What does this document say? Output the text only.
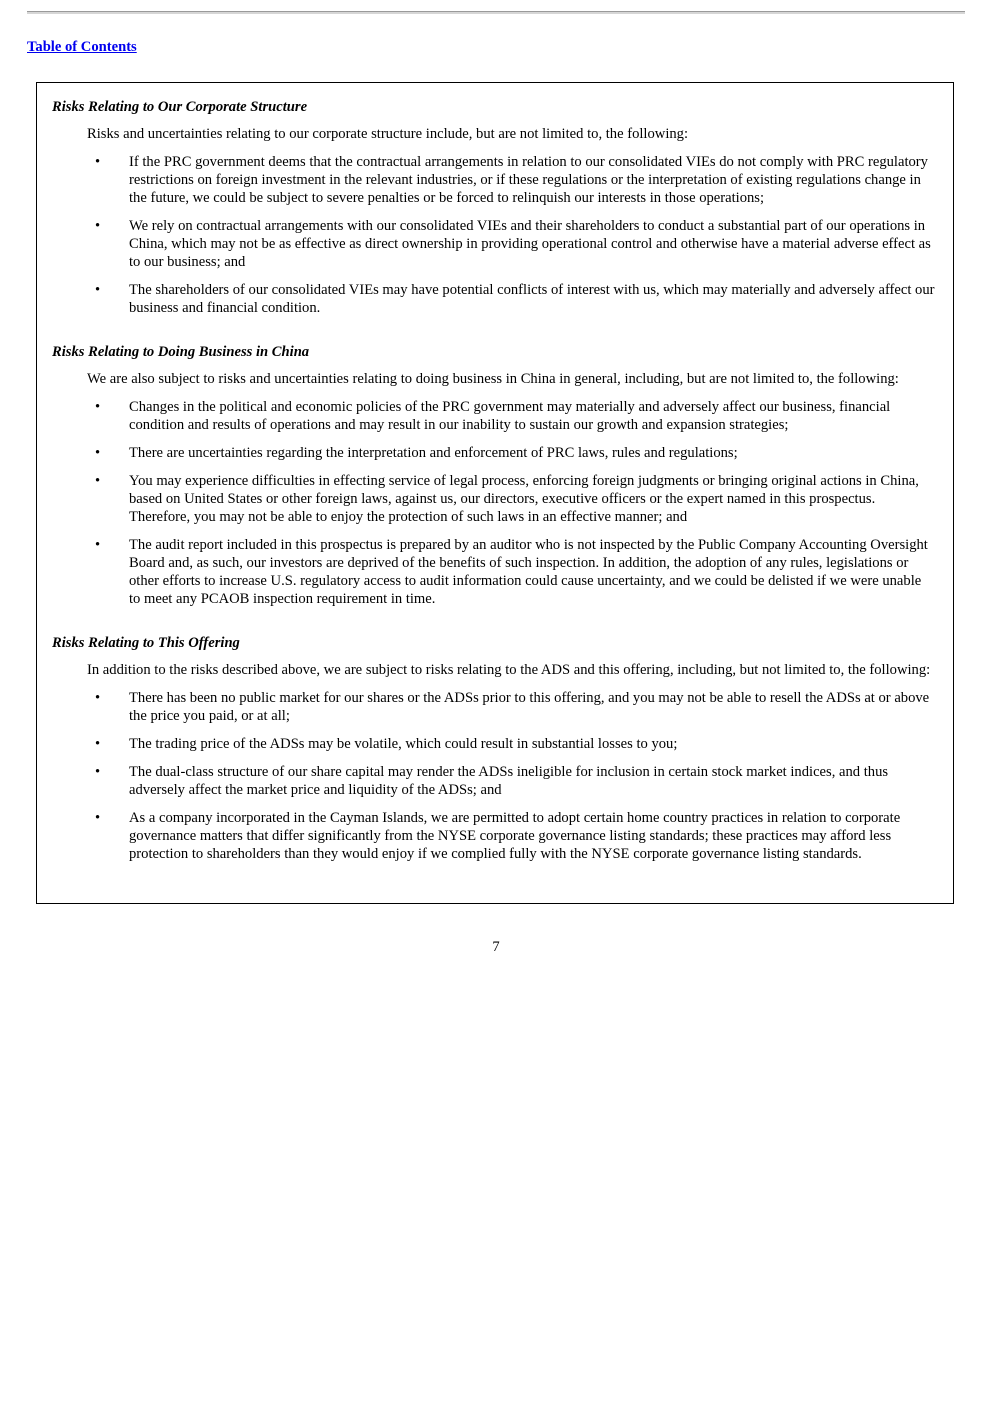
Table of Contents
Risks Relating to Our Corporate Structure
Risks and uncertainties relating to our corporate structure include, but are not limited to, the following:
• If the PRC government deems that the contractual arrangements in relation to our consolidated VIEs do not comply with PRC regulatory restrictions on foreign investment in the relevant industries, or if these regulations or the interpretation of existing regulations change in the future, we could be subject to severe penalties or be forced to relinquish our interests in those operations;
• We rely on contractual arrangements with our consolidated VIEs and their shareholders to conduct a substantial part of our operations in China, which may not be as effective as direct ownership in providing operational control and otherwise have a material adverse effect as to our business; and
• The shareholders of our consolidated VIEs may have potential conflicts of interest with us, which may materially and adversely affect our business and financial condition.
Risks Relating to Doing Business in China
We are also subject to risks and uncertainties relating to doing business in China in general, including, but are not limited to, the following:
• Changes in the political and economic policies of the PRC government may materially and adversely affect our business, financial condition and results of operations and may result in our inability to sustain our growth and expansion strategies;
• There are uncertainties regarding the interpretation and enforcement of PRC laws, rules and regulations;
• You may experience difficulties in effecting service of legal process, enforcing foreign judgments or bringing original actions in China, based on United States or other foreign laws, against us, our directors, executive officers or the expert named in this prospectus. Therefore, you may not be able to enjoy the protection of such laws in an effective manner; and
• The audit report included in this prospectus is prepared by an auditor who is not inspected by the Public Company Accounting Oversight Board and, as such, our investors are deprived of the benefits of such inspection. In addition, the adoption of any rules, legislations or other efforts to increase U.S. regulatory access to audit information could cause uncertainty, and we could be delisted if we were unable to meet any PCAOB inspection requirement in time.
Risks Relating to This Offering
In addition to the risks described above, we are subject to risks relating to the ADS and this offering, including, but not limited to, the following:
• There has been no public market for our shares or the ADSs prior to this offering, and you may not be able to resell the ADSs at or above the price you paid, or at all;
• The trading price of the ADSs may be volatile, which could result in substantial losses to you;
• The dual-class structure of our share capital may render the ADSs ineligible for inclusion in certain stock market indices, and thus adversely affect the market price and liquidity of the ADSs; and
• As a company incorporated in the Cayman Islands, we are permitted to adopt certain home country practices in relation to corporate governance matters that differ significantly from the NYSE corporate governance listing standards; these practices may afford less protection to shareholders than they would enjoy if we complied fully with the NYSE corporate governance listing standards.
7
